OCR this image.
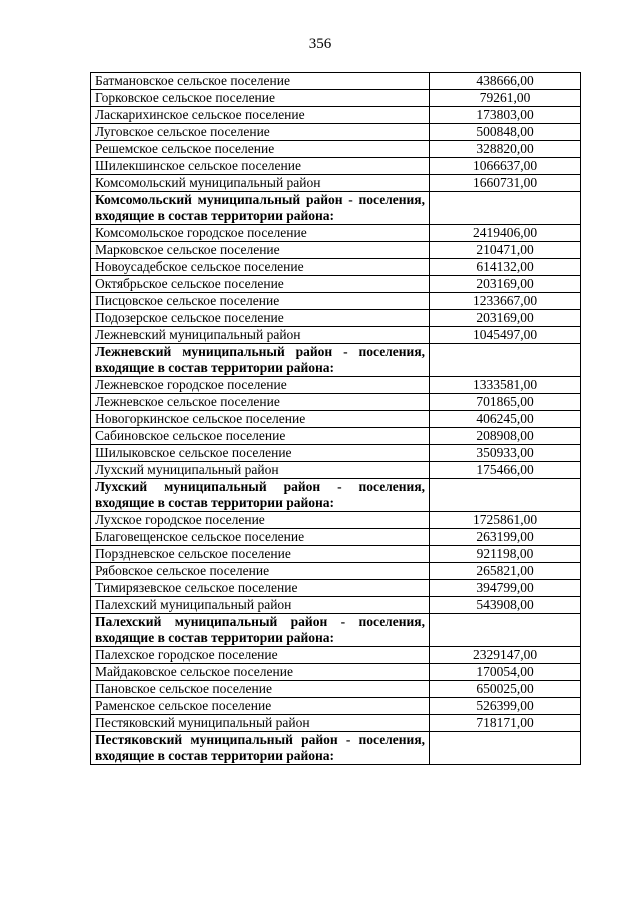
356
Батмановское сельское поселение	438666,00
Горковское сельское поселение	79261,00
Ласкарихинское сельское поселение	173803,00
Луговское сельское поселение	500848,00
Решемское сельское поселение	328820,00
Шилекшинское сельское поселение	1066637,00
Комсомольский муниципальный район	1660731,00
Комсомольский муниципальный район - поселения, входящие в состав территории района:	
Комсомольское городское поселение	2419406,00
Марковское сельское поселение	210471,00
Новоусадебское сельское поселение	614132,00
Октябрьское сельское поселение	203169,00
Писцовское сельское поселение	1233667,00
Подозерское сельское поселение	203169,00
Лежневский муниципальный район	1045497,00
Лежневский муниципальный район - поселения, входящие в состав территории района:	
Лежневское городское поселение	1333581,00
Лежневское сельское поселение	701865,00
Новогоркинское сельское поселение	406245,00
Сабиновское сельское поселение	208908,00
Шилыковское сельское поселение	350933,00
Лухский муниципальный район	175466,00
Лухский муниципальный район - поселения, входящие в состав территории района:	
Лухское городское поселение	1725861,00
Благовещенское сельское поселение	263199,00
Порздневское сельское поселение	921198,00
Рябовское сельское поселение	265821,00
Тимирязевское сельское поселение	394799,00
Палехский муниципальный район	543908,00
Палехский муниципальный район - поселения, входящие в состав территории района:	
Палехское городское поселение	2329147,00
Майдаковское сельское поселение	170054,00
Пановское сельское поселение	650025,00
Раменское сельское поселение	526399,00
Пестяковский муниципальный район	718171,00
Пестяковский муниципальный район - поселения, входящие в состав территории района:	
